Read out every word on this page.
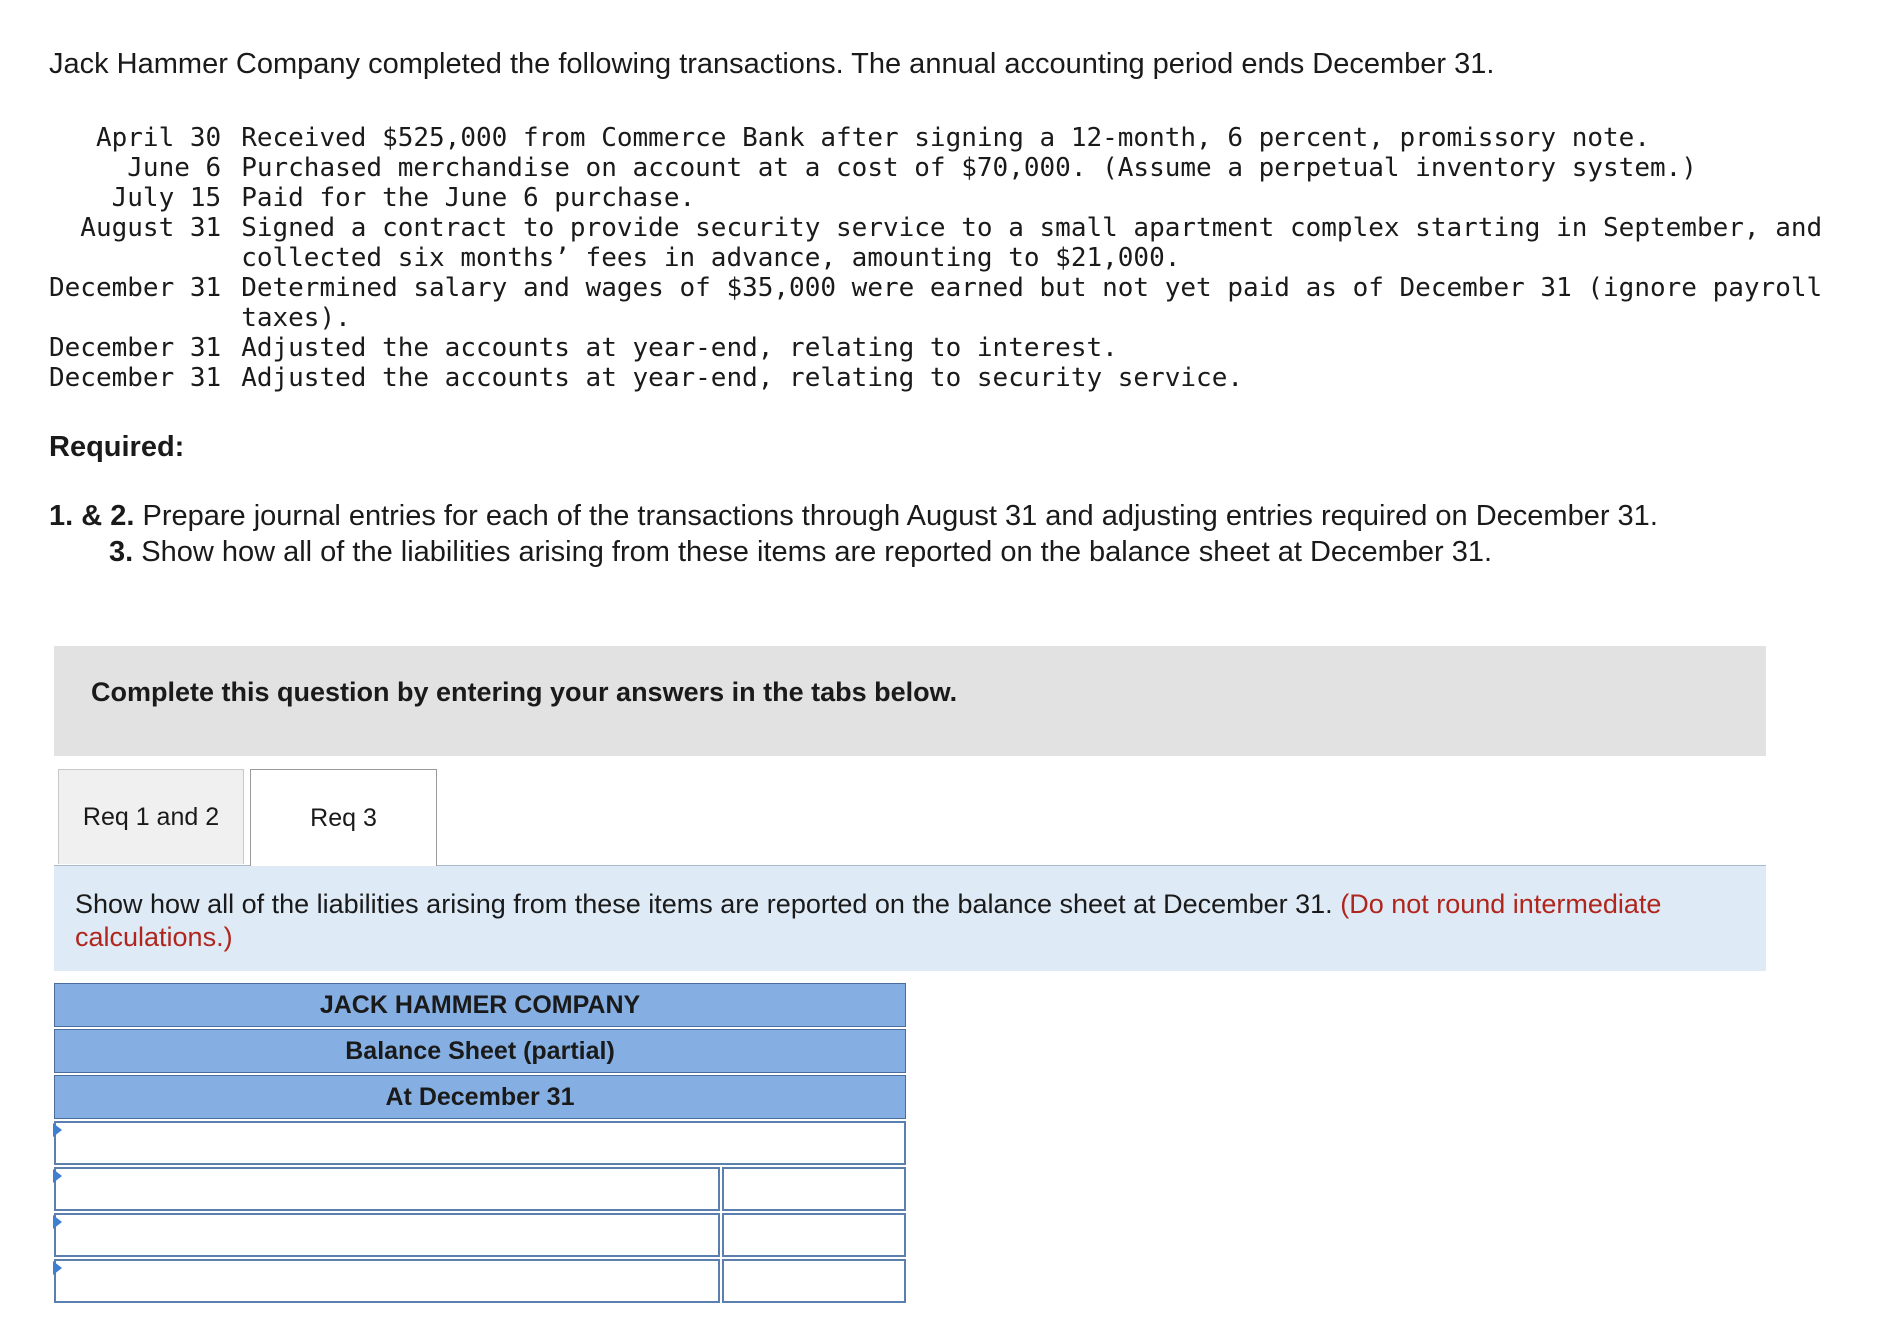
Jack Hammer Company completed the following transactions. The annual accounting period ends December 31.

April 30	Received $525,000 from Commerce Bank after signing a 12-month, 6 percent, promissory note.
June 6	Purchased merchandise on account at a cost of $70,000. (Assume a perpetual inventory system.)
July 15	Paid for the June 6 purchase.
August 31	Signed a contract to provide security service to a small apartment complex starting in September, and collected six months’ fees in advance, amounting to $21,000.
December 31	Determined salary and wages of $35,000 were earned but not yet paid as of December 31 (ignore payroll taxes).
December 31	Adjusted the accounts at year-end, relating to interest.
December 31	Adjusted the accounts at year-end, relating to security service.

Required:

1. & 2. Prepare journal entries for each of the transactions through August 31 and adjusting entries required on December 31.

3. Show how all of the liabilities arising from these items are reported on the balance sheet at December 31.

Complete this question by entering your answers in the tabs below.
Req 1 and 2	Req 3
Show how all of the liabilities arising from these items are reported on the balance sheet at December 31. (Do not round intermediate calculations.)
JACK HAMMER COMPANY
Balance Sheet (partial)
At December 31
